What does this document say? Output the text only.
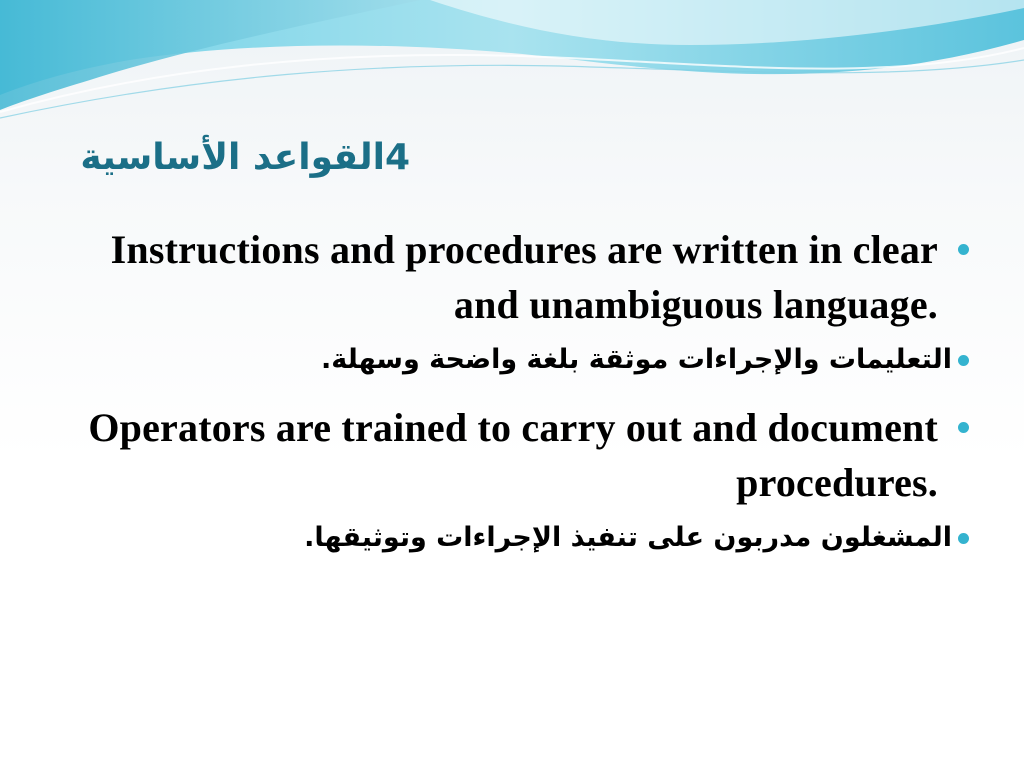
4القواعد الأساسية
Instructions and procedures are written in clear and unambiguous language.
التعليمات والإجراءات موثقة بلغة واضحة وسهلة.
Operators are trained to carry out and document procedures.
المشغلون مدربون على تنفيذ الإجراءات وتوثيقها.
